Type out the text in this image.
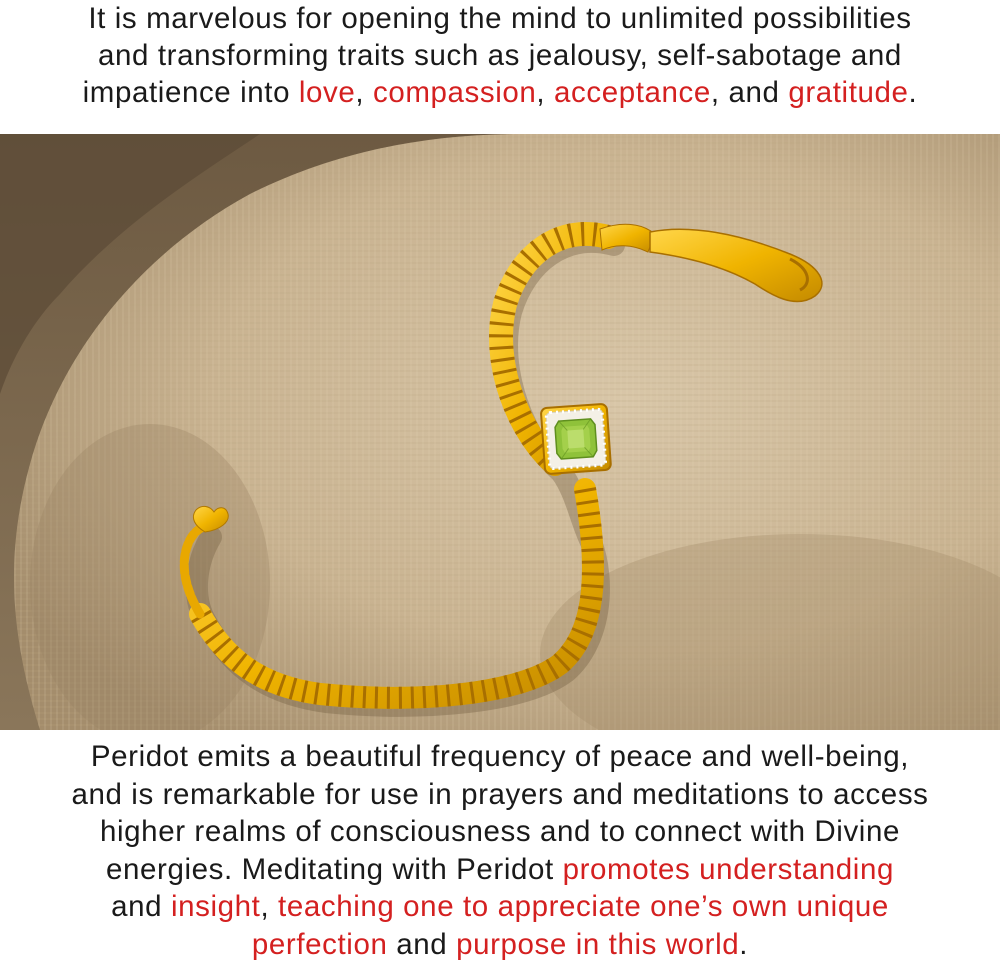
It is marvelous for opening the mind to unlimited possibilities

and transforming traits such as jealousy, self-sabotage and

impatience into love, compassion, acceptance, and gratitude.

Peridot emits a beautiful frequency of peace and well-being,

and is remarkable for use in prayers and meditations to access

higher realms of consciousness and to connect with Divine

energies. Meditating with Peridot promotes understanding

and insight, teaching one to appreciate one’s own unique

perfection and purpose in this world.
